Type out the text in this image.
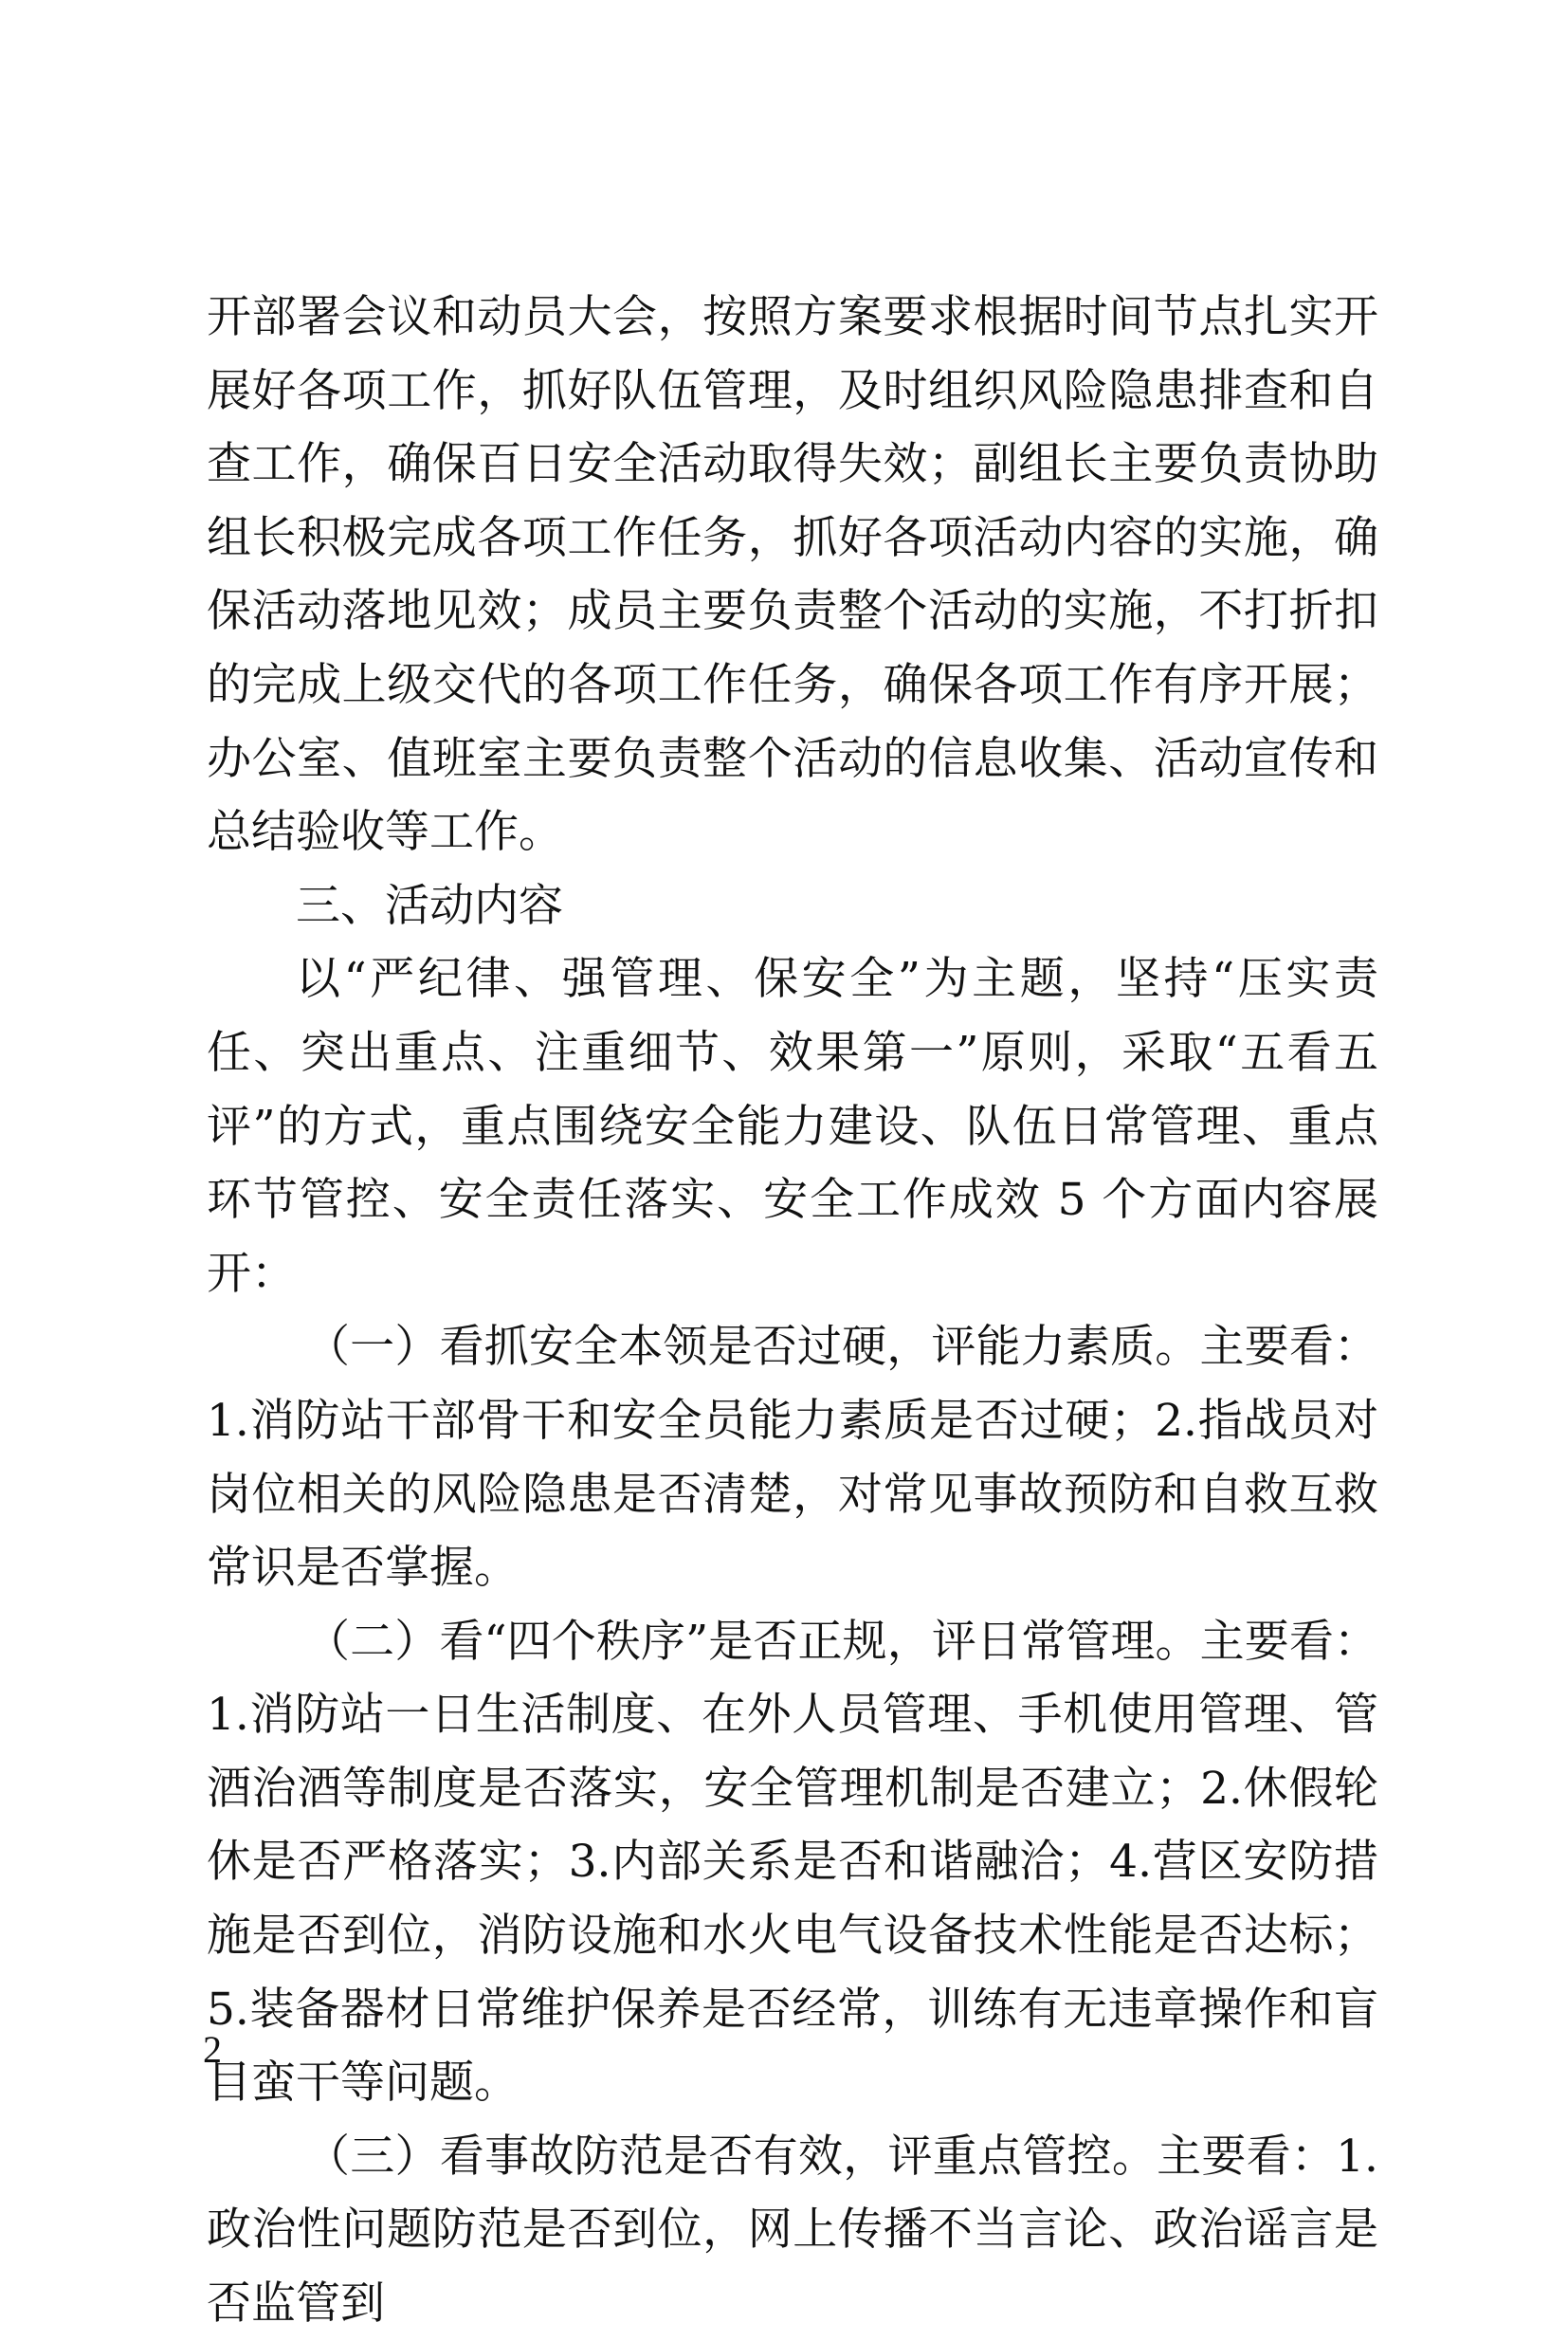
开部署会议和动员大会，按照方案要求根据时间节点扎实开展好各项工作，抓好队伍管理，及时组织风险隐患排查和自查工作，确保百日安全活动取得失效；副组长主要负责协助组长积极完成各项工作任务，抓好各项活动内容的实施，确保活动落地见效；成员主要负责整个活动的实施，不打折扣的完成上级交代的各项工作任务，确保各项工作有序开展；办公室、值班室主要负责整个活动的信息收集、活动宣传和总结验收等工作。

三、活动内容

以“严纪律、强管理、保安全”为主题，坚持“压实责任、突出重点、注重细节、效果第一”原则，采取“五看五评”的方式，重点围绕安全能力建设、队伍日常管理、重点环节管控、安全责任落实、安全工作成效 5 个方面内容展开：

（一）看抓安全本领是否过硬，评能力素质。主要看：1.消防站干部骨干和安全员能力素质是否过硬；2.指战员对岗位相关的风险隐患是否清楚，对常见事故预防和自救互救常识是否掌握。

（二）看“四个秩序”是否正规，评日常管理。主要看：1.消防站一日生活制度、在外人员管理、手机使用管理、管酒治酒等制度是否落实，安全管理机制是否建立；2.休假轮休是否严格落实；3.内部关系是否和谐融洽；4.营区安防措施是否到位，消防设施和水火电气设备技术性能是否达标；5.装备器材日常维护保养是否经常，训练有无违章操作和盲目蛮干等问题。

（三）看事故防范是否有效，评重点管控。主要看：1.政治性问题防范是否到位，网上传播不当言论、政治谣言是否监管到

2
